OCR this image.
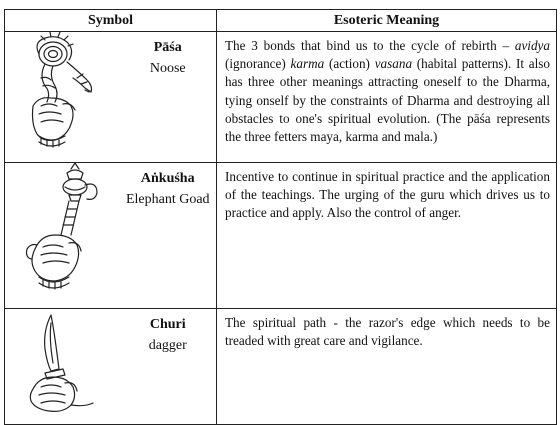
Symbol		Esoteric Meaning

Pāśa
Noose	The 3 bonds that bind us to the cycle of rebirth – avidya (ignorance) karma (action) vasana (habital patterns). It also has three other meanings attracting oneself to the Dharma, tying onself by the constraints of Dharma and destroying all obstacles to one's spiritual evolution. (The pāśa represents the three fetters maya, karma and mala.)

Aṅkuśha
Elephant Goad	Incentive to continue in spiritual practice and the application of the teachings. The urging of the guru which drives us to practice and apply. Also the control of anger.

Churi
dagger	The spiritual path - the razor's edge which needs to be treaded with great care and vigilance.
